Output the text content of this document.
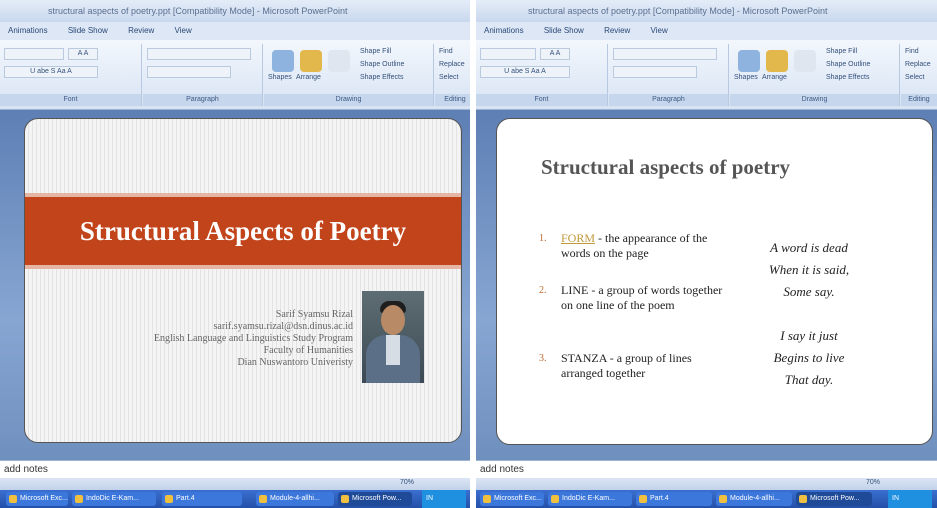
structural aspects of poetry.ppt [Compatibility Mode] - Microsoft PowerPoint
Animations	Slide Show	Review	View
A A
U abe S Aa A
Font	Paragraph
Shapes Arrange
Shape Fill
Shape Outline
Shape Effects
Drawing
Find
Replace
Select
Editing
Structural Aspects of Poetry
Sarif Syamsu Rizal
sarif.syamsu.rizal@dsn.dinus.ac.id
English Language and Linguistics Study Program
Faculty of Humanities
Dian Nuswantoro Univeristy
add notes
70%
Microsoft Exc...	IndoDic E-Kam...	Part.4	Module-4-allhi...	Microsoft Pow...	IN
structural aspects of poetry.ppt [Compatibility Mode] - Microsoft PowerPoint
Animations	Slide Show	Review	View
A A
U abe S Aa A
Font	Paragraph
Shapes Arrange
Shape Fill
Shape Outline
Shape Effects
Drawing
Find
Replace
Select
Editing
Structural aspects of poetry
1. FORM - the appearance of the words on the page
2. LINE - a group of words together on one line of the poem
3. STANZA - a group of lines arranged together
A word is dead
When it is said,
Some say.
I say it just
Begins to live
That day.
add notes
70%
Microsoft Exc...	IndoDic E-Kam...	Part.4	Module-4-allhi...	Microsoft Pow...	IN
